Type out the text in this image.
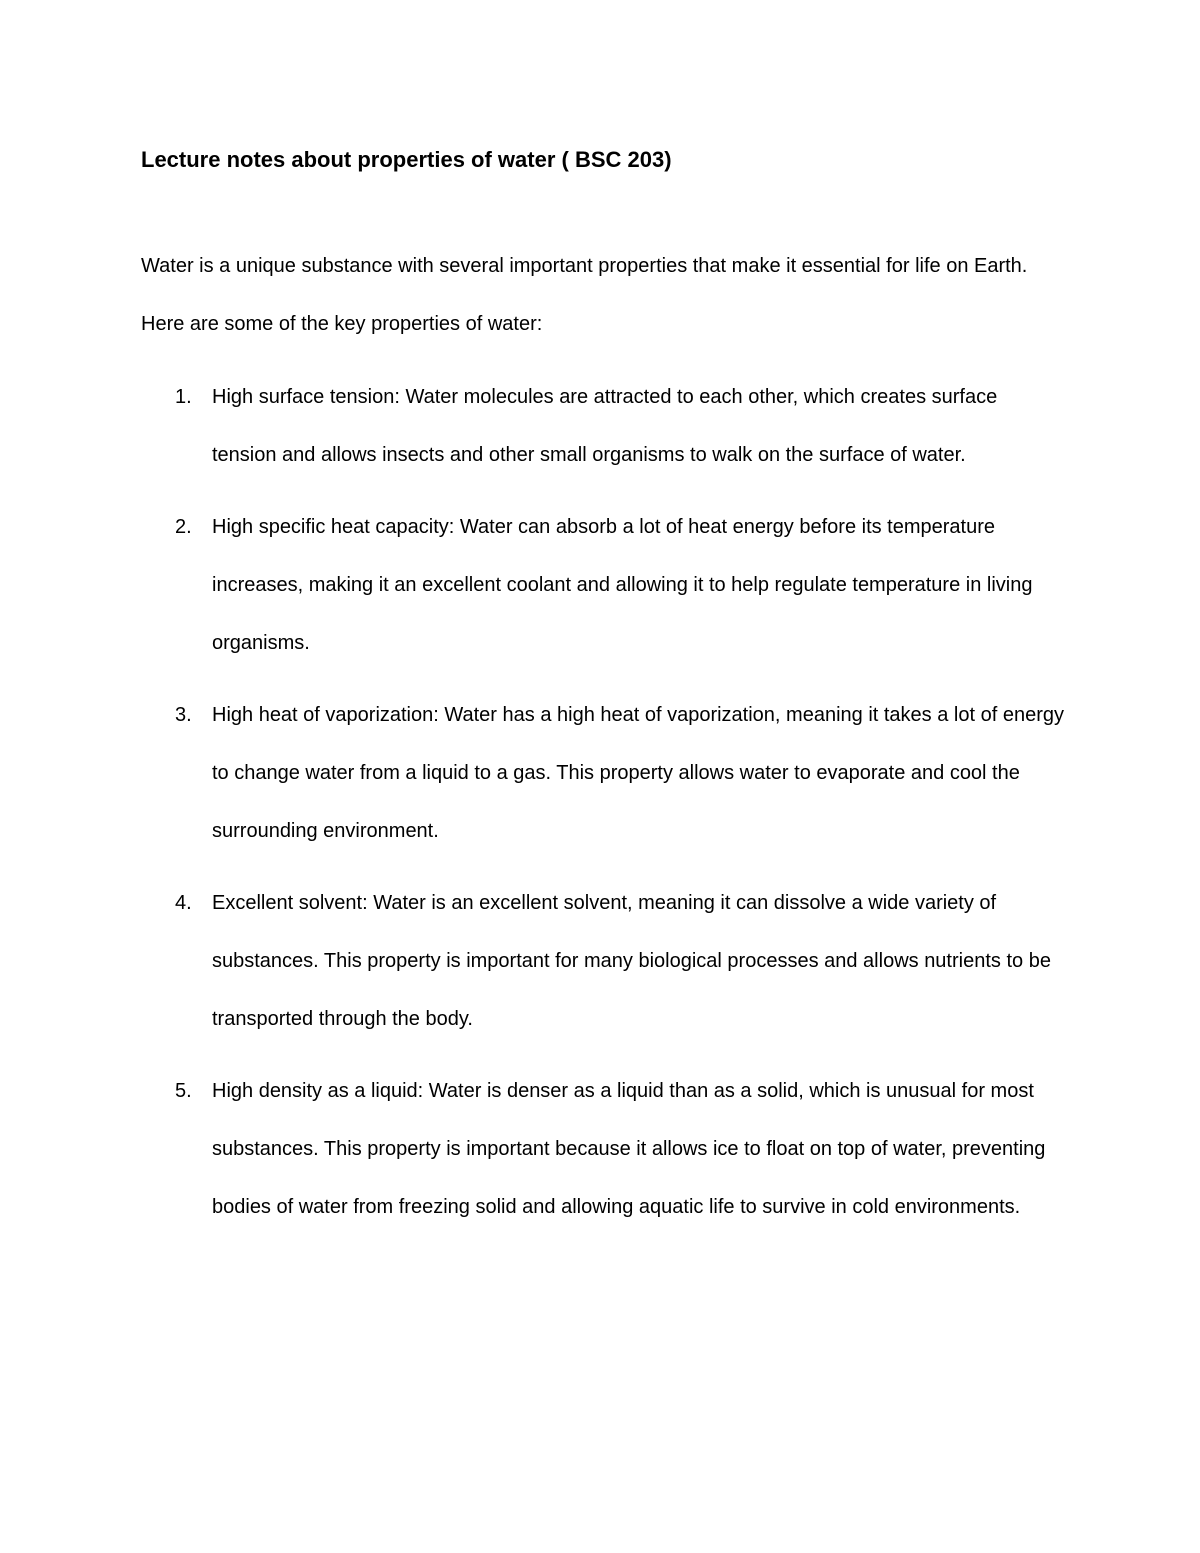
Lecture notes about properties of water ( BSC 203)

Water is a unique substance with several important properties that make it essential for life on Earth. Here are some of the key properties of water:

1. High surface tension: Water molecules are attracted to each other, which creates surface tension and allows insects and other small organisms to walk on the surface of water.
2. High specific heat capacity: Water can absorb a lot of heat energy before its temperature increases, making it an excellent coolant and allowing it to help regulate temperature in living organisms.
3. High heat of vaporization: Water has a high heat of vaporization, meaning it takes a lot of energy to change water from a liquid to a gas. This property allows water to evaporate and cool the surrounding environment.
4. Excellent solvent: Water is an excellent solvent, meaning it can dissolve a wide variety of substances. This property is important for many biological processes and allows nutrients to be transported through the body.
5. High density as a liquid: Water is denser as a liquid than as a solid, which is unusual for most substances. This property is important because it allows ice to float on top of water, preventing bodies of water from freezing solid and allowing aquatic life to survive in cold environments.
